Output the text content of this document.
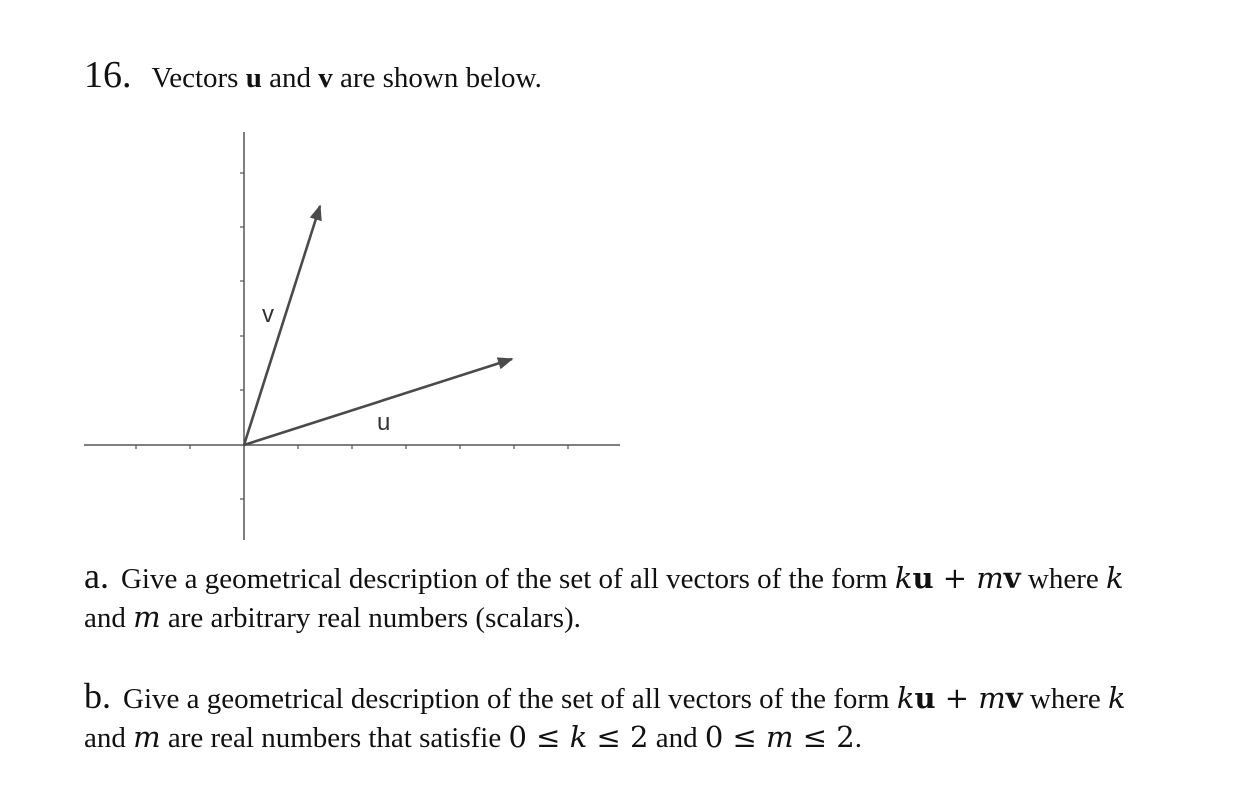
16. Vectors u and v are shown below.
v
u
a. Give a geometrical description of the set of all vectors of the form ku + mv where k
and m are arbitrary real numbers (scalars).
b. Give a geometrical description of the set of all vectors of the form ku + mv where k
and m are real numbers that satisfie 0 ≤ k ≤ 2 and 0 ≤ m ≤ 2.
